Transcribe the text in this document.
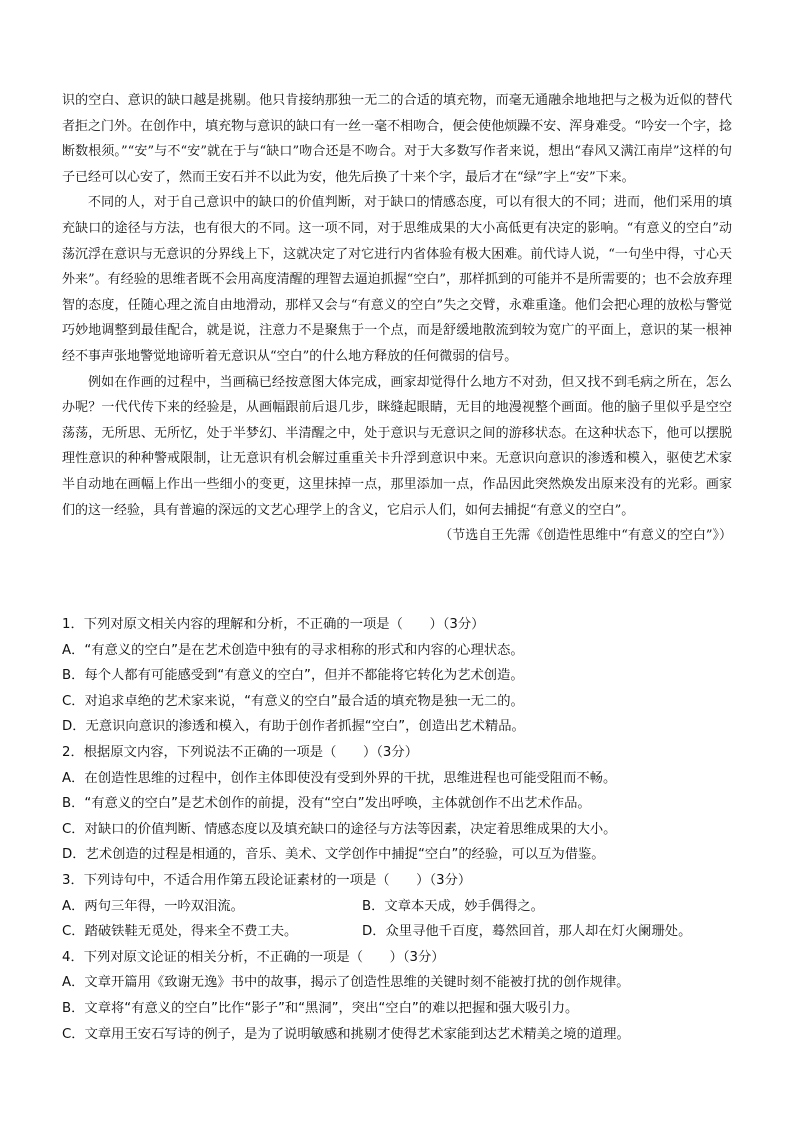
识的空白、意识的缺口越是挑剔。他只肯接纳那独一无二的合适的填充物，而毫无通融余地地把与之极为近似的替代者拒之门外。在创作中，填充物与意识的缺口有一丝一毫不相吻合，便会使他烦躁不安、浑身难受。“吟安一个字，捻断数根须。”“安”与不“安”就在于与“缺口”吻合还是不吻合。对于大多数写作者来说，想出“春风又满江南岸”这样的句子已经可以心安了，然而王安石并不以此为安，他先后换了十来个字，最后才在“绿”字上“安”下来。

不同的人，对于自己意识中的缺口的价值判断，对于缺口的情感态度，可以有很大的不同；进而，他们采用的填充缺口的途径与方法，也有很大的不同。这一项不同，对于思维成果的大小高低更有决定的影响。“有意义的空白”动荡沉浮在意识与无意识的分界线上下，这就决定了对它进行内省体验有极大困难。前代诗人说，“一句坐中得，寸心天外来”。有经验的思维者既不会用高度清醒的理智去逼迫抓握“空白”，那样抓到的可能并不是所需要的；也不会放弃理智的态度，任随心理之流自由地滑动，那样又会与“有意义的空白”失之交臂，永难重逢。他们会把心理的放松与警觉巧妙地调整到最佳配合，就是说，注意力不是聚焦于一个点，而是舒缓地散流到较为宽广的平面上，意识的某一根神经不事声张地警觉地谛听着无意识从“空白”的什么地方释放的任何微弱的信号。

例如在作画的过程中，当画稿已经按意图大体完成，画家却觉得什么地方不对劲，但又找不到毛病之所在，怎么办呢？一代代传下来的经验是，从画幅跟前后退几步，眯缝起眼睛，无目的地漫视整个画面。他的脑子里似乎是空空荡荡，无所思、无所忆，处于半梦幻、半清醒之中，处于意识与无意识之间的游移状态。在这种状态下，他可以摆脱理性意识的种种警戒限制，让无意识有机会解过重重关卡升浮到意识中来。无意识向意识的渗透和模入，驱使艺术家半自动地在画幅上作出一些细小的变更，这里抹掉一点，那里添加一点，作品因此突然焕发出原来没有的光彩。画家们的这一经验，具有普遍的深远的文艺心理学上的含义，它启示人们，如何去捕捉“有意义的空白”。

（节选自王先霈《创造性思维中“有意义的空白”》）

1．下列对原文相关内容的理解和分析，不正确的一项是（　　）（3分）
A．“有意义的空白”是在艺术创造中独有的寻求相称的形式和内容的心理状态。
B．每个人都有可能感受到“有意义的空白”，但并不都能将它转化为艺术创造。
C．对追求卓绝的艺术家来说，“有意义的空白”最合适的填充物是独一无二的。
D．无意识向意识的渗透和模入，有助于创作者抓握“空白”，创造出艺术精品。
2．根据原文内容，下列说法不正确的一项是（　　）（3分）
A．在创造性思维的过程中，创作主体即使没有受到外界的干扰，思维进程也可能受阻而不畅。
B．“有意义的空白”是艺术创作的前提，没有“空白”发出呼唤，主体就创作不出艺术作品。
C．对缺口的价值判断、情感态度以及填充缺口的途径与方法等因素，决定着思维成果的大小。
D．艺术创造的过程是相通的，音乐、美术、文学创作中捕捉“空白”的经验，可以互为借鉴。
3．下列诗句中，不适合用作第五段论证素材的一项是（　　）（3分）
A．两句三年得，一吟双泪流。	B．文章本天成，妙手偶得之。
C．踏破铁鞋无觅处，得来全不费工夫。	D．众里寻他千百度，蓦然回首，那人却在灯火阑珊处。
4．下列对原文论证的相关分析，不正确的一项是（　　）（3分）
A．文章开篇用《致谢无逸》书中的故事，揭示了创造性思维的关键时刻不能被打扰的创作规律。
B．文章将“有意义的空白”比作“影子”和“黑洞”，突出“空白”的难以把握和强大吸引力。
C．文章用王安石写诗的例子，是为了说明敏感和挑剔才使得艺术家能到达艺术精美之境的道理。
